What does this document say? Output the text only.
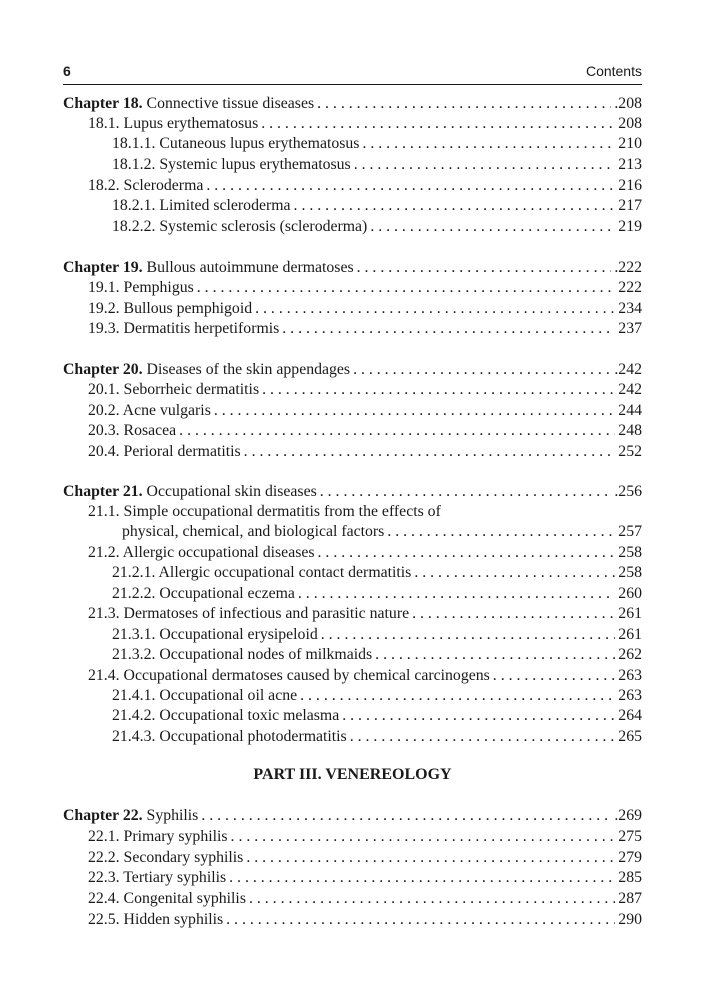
6	Contents
Chapter 18. Connective tissue diseases . . .	.208
18.1. Lupus erythematosus . . .	208
18.1.1. Cutaneous lupus erythematosus . . .	210
18.1.2. Systemic lupus erythematosus . . .	213
18.2. Scleroderma . . .	216
18.2.1. Limited scleroderma . . .	217
18.2.2. Systemic sclerosis (scleroderma) . . .	219
Chapter 19. Bullous autoimmune dermatoses . . .	.222
19.1. Pemphigus . . .	222
19.2. Bullous pemphigoid . . .	234
19.3. Dermatitis herpetiformis . . .	237
Chapter 20. Diseases of the skin appendages . . .	.242
20.1. Seborrheic dermatitis . . .	242
20.2. Acne vulgaris . . .	244
20.3. Rosacea . . .	248
20.4. Perioral dermatitis . . .	252
Chapter 21. Occupational skin diseases . . .	.256
21.1. Simple occupational dermatitis from the effects of
physical, chemical, and biological factors . . .	257
21.2. Allergic occupational diseases . . .	258
21.2.1. Allergic occupational contact dermatitis . . .	258
21.2.2. Occupational eczema . . .	260
21.3. Dermatoses of infectious and parasitic nature . . .	261
21.3.1. Occupational erysipeloid . . .	261
21.3.2. Occupational nodes of milkmaids . . .	262
21.4. Occupational dermatoses caused by chemical carcinogens . . .	263
21.4.1. Occupational oil acne . . .	263
21.4.2. Occupational toxic melasma . . .	264
21.4.3. Occupational photodermatitis . . .	265
PART III. VENEREOLOGY
Chapter 22. Syphilis . . .	.269
22.1. Primary syphilis . . .	275
22.2. Secondary syphilis . . .	279
22.3. Tertiary syphilis . . .	285
22.4. Congenital syphilis . . .	287
22.5. Hidden syphilis . . .	290
